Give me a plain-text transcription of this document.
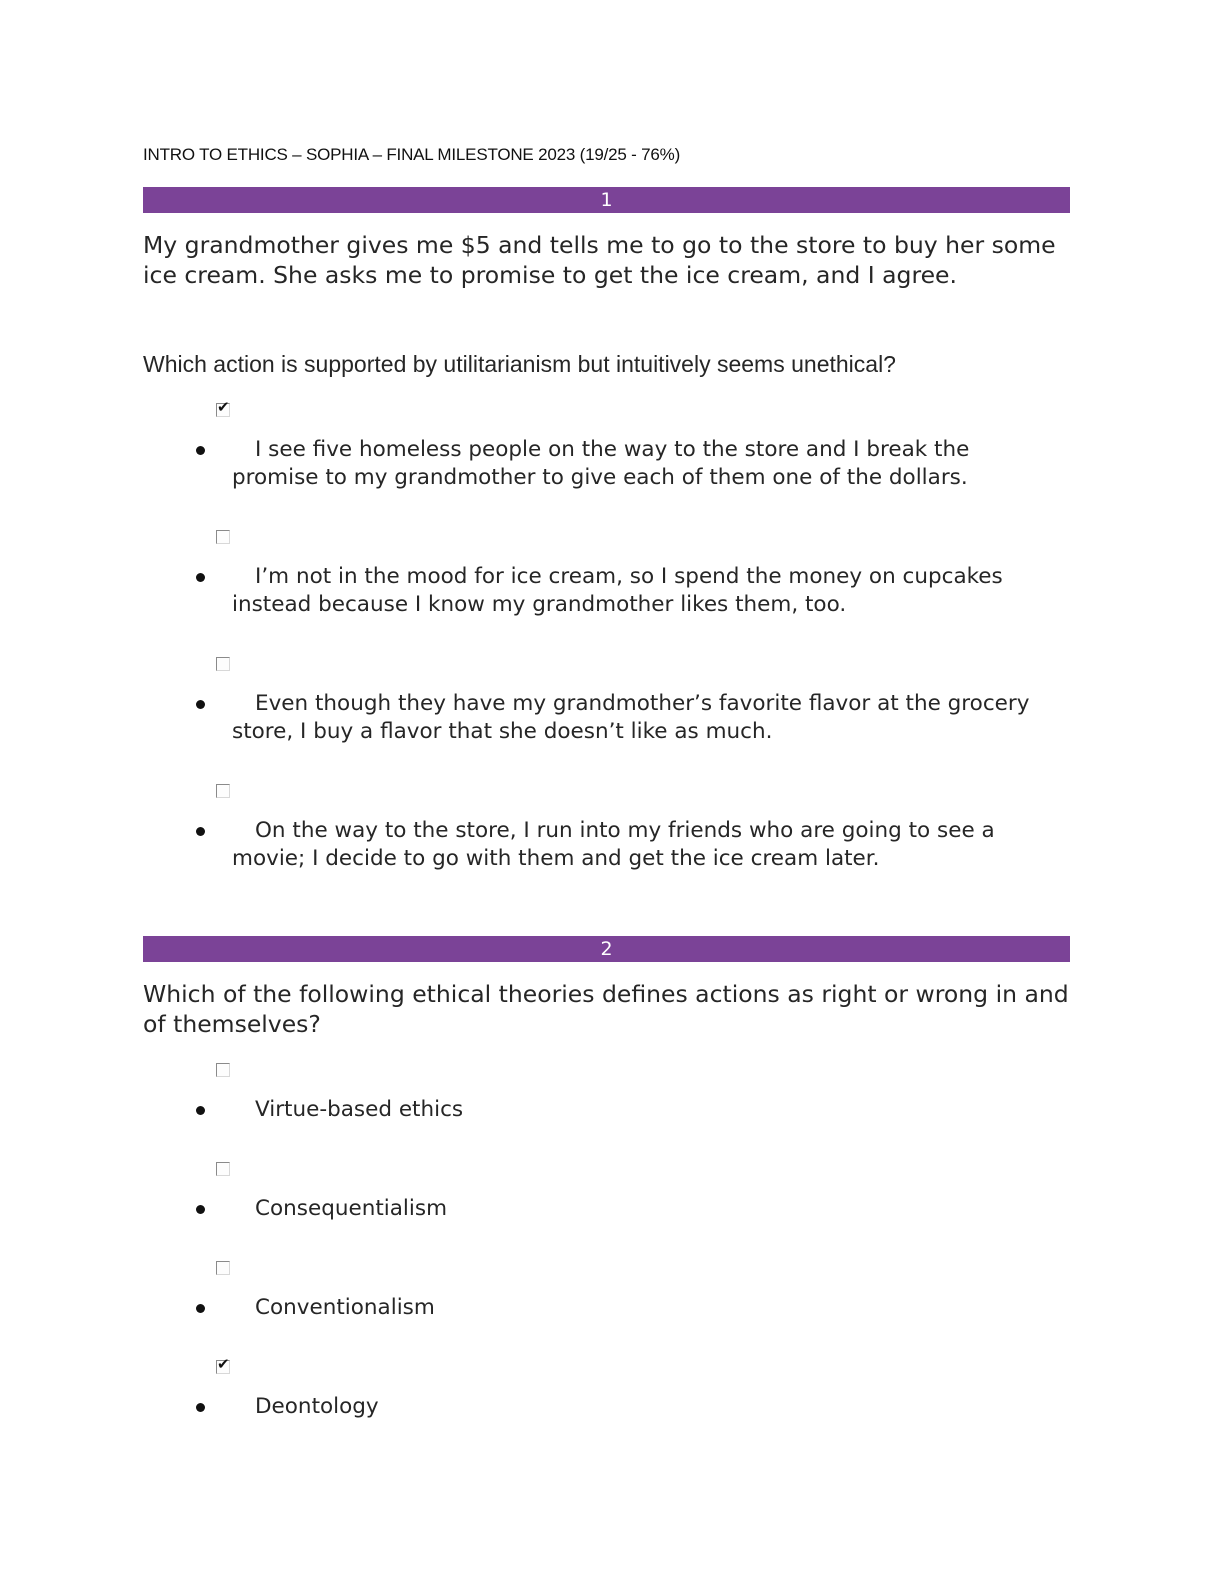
INTRO TO ETHICS – SOPHIA – FINAL MILESTONE 2023 (19/25 - 76%)
1
My grandmother gives me $5 and tells me to go to the store to buy her some ice cream. She asks me to promise to get the ice cream, and I agree.
Which action is supported by utilitarianism but intuitively seems unethical?
✔
I see five homeless people on the way to the store and I break the promise to my grandmother to give each of them one of the dollars.
I’m not in the mood for ice cream, so I spend the money on cupcakes instead because I know my grandmother likes them, too.
Even though they have my grandmother’s favorite flavor at the grocery store, I buy a flavor that she doesn’t like as much.
On the way to the store, I run into my friends who are going to see a movie; I decide to go with them and get the ice cream later.
2
Which of the following ethical theories defines actions as right or wrong in and of themselves?
Virtue-based ethics
Consequentialism
Conventionalism
✔
Deontology
